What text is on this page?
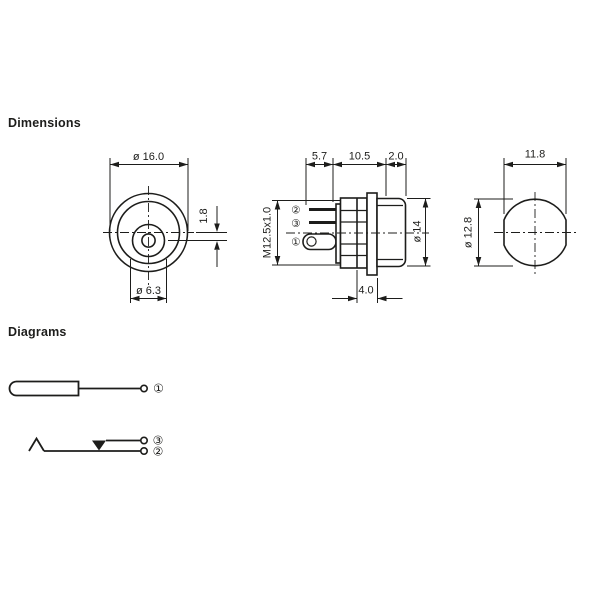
Dimensions
Diagrams
ø 16.0
ø 6.3
1.8
5.7 10.5 2.0
4.0
M12.5x1.0	ø 14
②
③
①
11.8
ø 12.8
①
③
②
